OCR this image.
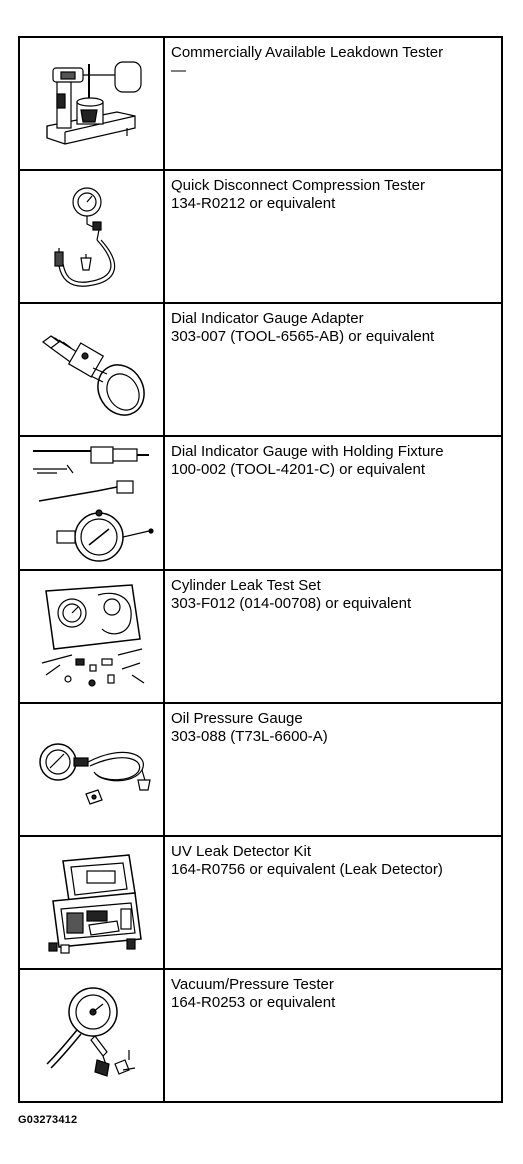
Commercially Available Leakdown Tester
—

Quick Disconnect Compression Tester
134-R0212 or equivalent

Dial Indicator Gauge Adapter
303-007 (TOOL-6565-AB) or equivalent

Dial Indicator Gauge with Holding Fixture
100-002 (TOOL-4201-C) or equivalent

Cylinder Leak Test Set
303-F012 (014-00708) or equivalent

Oil Pressure Gauge
303-088 (T73L-6600-A)

UV Leak Detector Kit
164-R0756 or equivalent (Leak Detector)

Vacuum/Pressure Tester
164-R0253 or equivalent
G03273412
